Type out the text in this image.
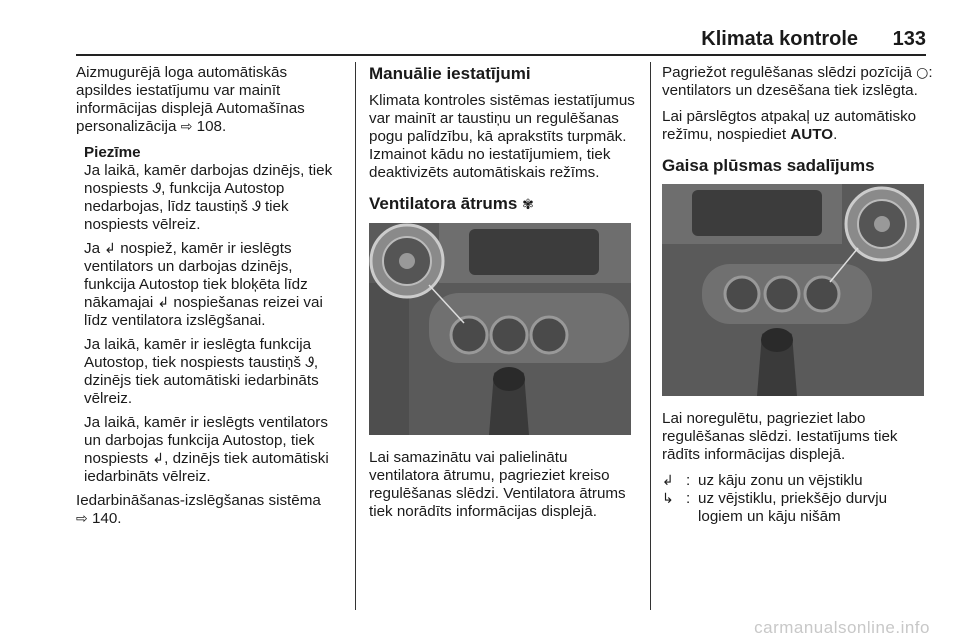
Klimata kontrole 133

Aizmugurējā loga automātiskās apsildes iestatījumu var mainīt informācijas displejā Automašīnas personalizācija ⇨ 108.

Piezīme

Ja laikā, kamēr darbojas dzinējs, tiek nospiests Ꮽ, funkcija Autostop nedarbojas, līdz taustiņš Ꮽ tiek nospiests vēlreiz.

Ja ↲ nospiež, kamēr ir ieslēgts ventilators un darbojas dzinējs, funkcija Autostop tiek bloķēta līdz nākamajai ↲ nospiešanas reizei vai līdz ventilatora izslēgšanai.

Ja laikā, kamēr ir ieslēgta funkcija Autostop, tiek nospiests taustiņš Ꮽ, dzinējs tiek automātiski iedarbināts vēlreiz.

Ja laikā, kamēr ir ieslēgts ventilators un darbojas funkcija Autostop, tiek nospiests ↲, dzinējs tiek automātiski iedarbināts vēlreiz.

Iedarbināšanas-izslēgšanas sistēma
⇨ 140.

Manuālie iestatījumi

Klimata kontroles sistēmas iestatījumus var mainīt ar taustiņu un regulēšanas pogu palīdzību, kā aprakstīts turpmāk. Izmainot kādu no iestatījumiem, tiek deaktivizēts automātiskais režīms.

Ventilatora ātrums ✾

Lai samazinātu vai palielinātu ventilatora ātrumu, pagrieziet kreiso regulēšanas slēdzi. Ventilatora ātrums tiek norādīts informācijas displejā.

Pagriežot regulēšanas slēdzi pozīcijā ○: ventilators un dzesēšana tiek izslēgta.

Lai pārslēgtos atpakaļ uz automātisko režīmu, nospiediet AUTO.

Gaisa plūsmas sadalījums

Lai noregulētu, pagrieziet labo regulēšanas slēdzi. Iestatījums tiek rādīts informācijas displejā.

↲ : uz kāju zonu un vējstiklu
↳ : uz vējstiklu, priekšējo durvju logiem un kāju nišām
carmanualsonline.info
